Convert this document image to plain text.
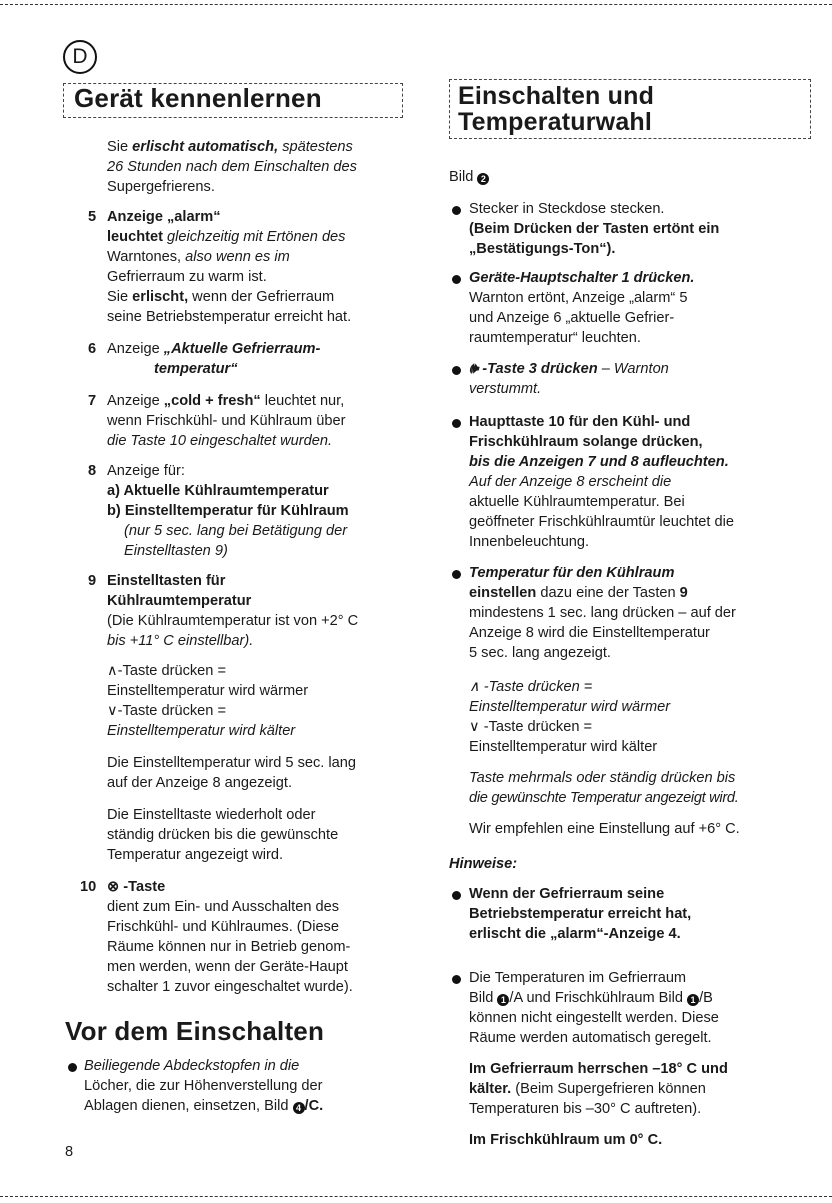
D
Gerät kennenlernen
Sie erlischt automatisch, spätestens
26 Stunden nach dem Einschalten des
Supergefrierens.
5 Anzeige „alarm“
leuchtet gleichzeitig mit Ertönen des
Warntones, also wenn es im
Gefrierraum zu warm ist.
Sie erlischt, wenn der Gefrierraum
seine Betriebstemperatur erreicht hat.
6 Anzeige „Aktuelle Gefrierraum-
temperatur“
7 Anzeige „cold + fresh“ leuchtet nur,
wenn Frischkühl- und Kühlraum über
die Taste 10 eingeschaltet wurden.
8 Anzeige für:
a) Aktuelle Kühlraumtemperatur
b) Einstelltemperatur für Kühlraum
(nur 5 sec. lang bei Betätigung der
Einstelltasten 9)
9 Einstelltasten für
Kühlraumtemperatur
(Die Kühlraumtemperatur ist von +2° C
bis +11° C einstellbar).
∧-Taste drücken =
Einstelltemperatur wird wärmer
∨-Taste drücken =
Einstelltemperatur wird kälter
Die Einstelltemperatur wird 5 sec. lang
auf der Anzeige 8 angezeigt.
Die Einstelltaste wiederholt oder
ständig drücken bis die gewünschte
Temperatur angezeigt wird.
10 ⊗ -Taste
dient zum Ein- und Ausschalten des
Frischkühl- und Kühlraumes. (Diese
Räume können nur in Betrieb genom-
men werden, wenn der Geräte-Haupt
schalter 1 zuvor eingeschaltet wurde).
Vor dem Einschalten
Beiliegende Abdeckstopfen in die
Löcher, die zur Höhenverstellung der
Ablagen dienen, einsetzen, Bild 4 /C.
8
Einschalten und
Temperaturwahl
Bild 2
Stecker in Steckdose stecken.
(Beim Drücken der Tasten ertönt ein
„Bestätigungs-Ton“).
Geräte-Hauptschalter 1 drücken.
Warnton ertönt, Anzeige „alarm“ 5
und Anzeige 6 „aktuelle Gefrier-
raumtemperatur“ leuchten.
🕪 -Taste 3 drücken – Warnton
verstummt.
Haupttaste 10 für den Kühl- und
Frischkühlraum solange drücken,
bis die Anzeigen 7 und 8 aufleuchten.
Auf der Anzeige 8 erscheint die
aktuelle Kühlraumtemperatur. Bei
geöffneter Frischkühlraumtür leuchtet die
Innenbeleuchtung.
Temperatur für den Kühlraum
einstellen dazu eine der Tasten 9
mindestens 1 sec. lang drücken – auf der
Anzeige 8 wird die Einstelltemperatur
5 sec. lang angezeigt.
∧ -Taste drücken =
Einstelltemperatur wird wärmer
∨ -Taste drücken =
Einstelltemperatur wird kälter
Taste mehrmals oder ständig drücken bis
die gewünschte Temperatur angezeigt wird.
Wir empfehlen eine Einstellung auf +6° C.
Hinweise:
Wenn der Gefrierraum seine
Betriebstemperatur erreicht hat,
erlischt die „alarm“-Anzeige 4.
Die Temperaturen im Gefrierraum
Bild 1 /A und Frischkühlraum Bild 1 /B
können nicht eingestellt werden. Diese
Räume werden automatisch geregelt.
Im Gefrierraum herrschen –18° C und
kälter. (Beim Supergefrieren können
Temperaturen bis –30° C auftreten).
Im Frischkühlraum um 0° C.
